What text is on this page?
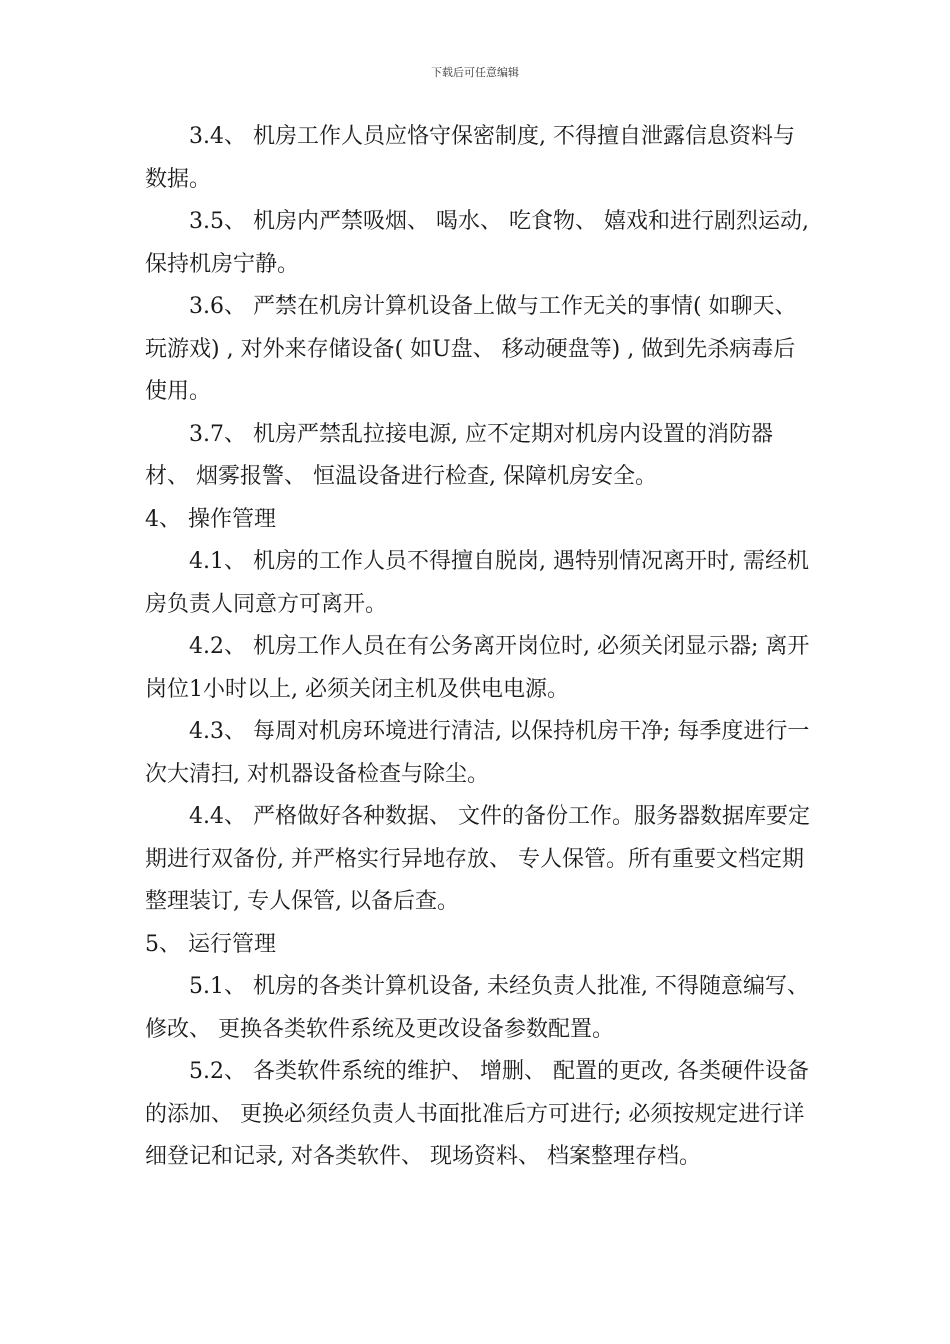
下载后可任意编辑

3.4、 机房工作人员应恪守保密制度, 不得擅自泄露信息资料与数据。

3.5、 机房内严禁吸烟、 喝水、 吃食物、 嬉戏和进行剧烈运动, 保持机房宁静。

3.6、 严禁在机房计算机设备上做与工作无关的事情( 如聊天、 玩游戏) , 对外来存储设备( 如U盘、 移动硬盘等) , 做到先杀病毒后使用。

3.7、 机房严禁乱拉接电源, 应不定期对机房内设置的消防器材、 烟雾报警、 恒温设备进行检查, 保障机房安全。

4、 操作管理

4.1、 机房的工作人员不得擅自脱岗, 遇特别情况离开时, 需经机房负责人同意方可离开。

4.2、 机房工作人员在有公务离开岗位时, 必须关闭显示器; 离开岗位1小时以上, 必须关闭主机及供电电源。

4.3、 每周对机房环境进行清洁, 以保持机房干净; 每季度进行一次大清扫, 对机器设备检查与除尘。

4.4、 严格做好各种数据、 文件的备份工作。服务器数据库要定期进行双备份, 并严格实行异地存放、 专人保管。所有重要文档定期整理装订, 专人保管, 以备后查。

5、 运行管理

5.1、 机房的各类计算机设备, 未经负责人批准, 不得随意编写、 修改、 更换各类软件系统及更改设备参数配置。

5.2、 各类软件系统的维护、 增删、 配置的更改, 各类硬件设备的添加、 更换必须经负责人书面批准后方可进行; 必须按规定进行详细登记和记录, 对各类软件、 现场资料、 档案整理存档。
